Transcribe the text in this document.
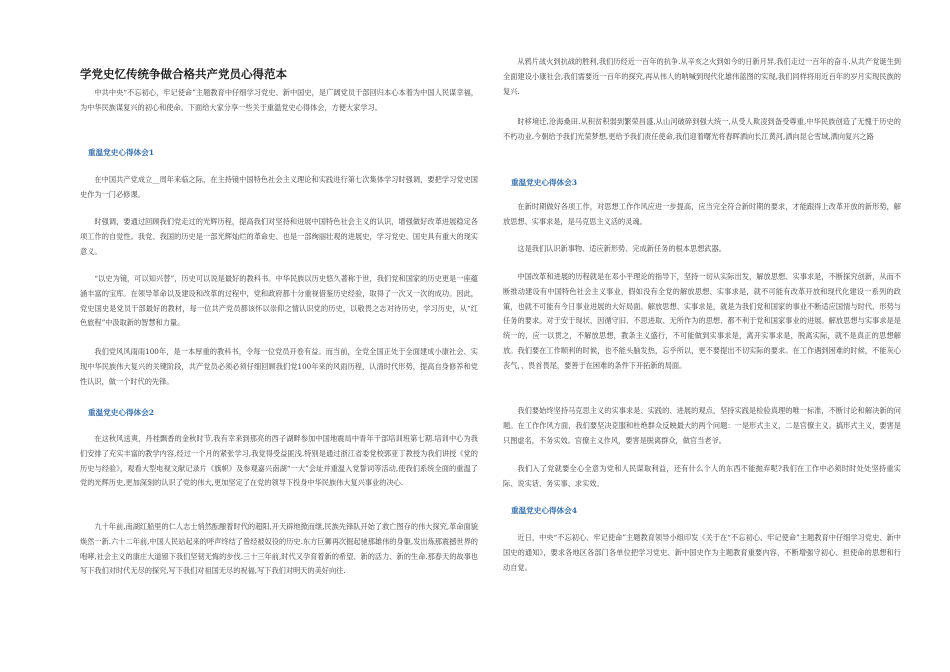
学党史忆传统争做合格共产党员心得范本

中共中央“不忘初心，牢记使命”主题教育中仔细学习党史、新中国史，是广阔党员干部回归本心本着为中国人民谋幸福，为中华民族谋复兴的初心和使命。下面给大家分享一些关于重温党史心得体会，方便大家学习。

重温党史心得体会1

在中国共产党成立__周年来临之际，在主持镜中国特色社会主义理论和实践进行第七次集体学习时强调，要把学习党史国史作为一门必修课。

时强调，要通过回顾我们党走过的光辉历程，提高我们对坚持和进展中国特色社会主义的认识，增强做好改革进展稳定各项工作的自觉性。我党、我国的历史是一部光辉灿烂的革命史、也是一部绚丽壮观的进展史，学习党史、国史具有重大的现实意义。

“以史为镜，可以知兴替”，历史可以说是最好的教科书。中华民族以历史悠久著称于世，我们党和国家的历史更是一座蕴涵丰富的宝库。在领导革命以及建设和改革的过程中，党和政府都十分重视借鉴历史经验，取得了一次又一次的成功。因此，党史国史是党员干部最好的教材，每一位共产党员都该怀以崇仰之情认识党的历史，以敬畏之志对待历史，学习历史，从“红色旅程”中汲取新的智慧和力量。

我们党风风雨雨100年，是一本厚重的教科书，令每一位党员开卷有益。而当前，全党全国正处于全面建成小康社会、实现中华民族伟大复兴的关键阶段，共产党员必须必须仔细回顾我们党100年来的风雨历程，认清时代形势，提高自身修养和党性认识，做一个时代的先锋。

重温党史心得体会2

在这秋风送爽，丹桂飘香的金秋时节,我有幸来到那亮的西子湖畔参加中国地震局中青年干部培训班第七期.培训中心为我们安排了充实丰富的教学内容,经过一个月的紧张学习,我觉得受益匪浅.特别是通过浙江省委党校郭亚丁教授为我们讲授《党的历史与经验》，观看大型电视文献记录片《旗帜》及参观嘉兴南湖“一大”会址并重温入党誓词等活动,使我们系统全面的重温了党的光辉历史,更加深刻的认识了党的伟大,更加坚定了在党的领导下投身中华民族伟大复兴事业的决心.

九十年前,南湖红船里的仁人志士悄然酝酿着时代的超阳,开天辟地掀而继,民族先锋队开始了救亡图存的伟大探究,革命面貌焕然一新.六十二年前,中国人民站起来的呼声终结了曾经被奴役的历史.东方巨狮再次掘起驰那雄伟的身躯,发出炼那震撼世界的咆哮,社会主义的康庄大道留下我们坚韧无悔的步伐.三十三年前,时代又孕育着新的希望、新的活力、新的生命.那春天的故事也写下我们对时代无尽的探究,写下我们对祖国无尽的祝福,写下我们对明天的美好向往.

从鸦片战火到抗战的胜利,我们历经近一百年的抗争.从辛亥之火到如今的日新月异,我们走过一百年的奋斗.从共产党诞生到全面建设小康社会,我们需要近一百年的探究,再从伟人的呐喊到现代化雄伟蓝图的实现,我们同样将用近百年的岁月实现民族的复兴.

时移境迁,沧海桑田.从积贫积弱到繁荣昌盛,从山河破碎到强大统一,从受人欺凌到备受尊重,中华民族创造了无愧于历史的不朽功业.今朝给予我们光荣梦想,更给予我们责任使命,我们迎着曙光将春晖洒向长江黄河,洒向昆仑雪域,洒向复兴之路

重温党史心得体会3

在新时期做好各项工作，对思想工作作风应进一步提高，应当完全符合新时期的要求，才能跟得上改革开放的新形势，解放思想、实事求是，是马克思主义活的灵魂。

这是我们认识新事物、适应新形势、完成新任务的根本思想武器。

中国改革和进展的历程就是在邓小平理论的指导下，坚持一切从实际出发，解放思想、实事求是，不断探究创新，从而不断推动建设有中国特色社会主义事业，假如没有全党的解放思想、实事求是，就不可能有改革开放和现代化建设一系列的政策，也就不可能有今日事业进展的大好局面。解放思想、实事求是，就是为我们党和国家的事业不断适应国情与时代、形势与任务的要求。对于安于现状、因循守旧、不思进取、无所作为的思想、都不利于党和国家事业的进展。解放思想与实事求是是统一的，应一以贯之，不解放思想，教条主义盛行，不可能做到实事求是，离开实事求是，脱离实际，就不是真正的思想解放。我们要在工作顺利的时候，也不能头脑发热，忘乎所以，更不要提出不切实际的要求。在工作遇到困难的时候，不能灰心丧气，、畏首畏尾，要善于在困难的条件下开拓新的局面。

我们要始终坚持马克思主义的实事求是、实践的、进展的观点，坚持实践是检验真理的唯一标准，不断讨论和解决新的问题。在工作作风方面，我们要坚决克服和杜绝群众反映最大的两个问题：一是形式主义，二是官僚主义。搞形式主义，要害是只图虚名，不务实效。官僚主义作风，要害是脱离群众，做官当老爷。

我们入了党就要全心全意为党和人民谋取利益，还有什么个人的东西不能抛弃呢?我们在工作中必须时时处处坚持重实际、说实话、务实事、求实效。

重温党史心得体会4

近日，中央“不忘初心、牢记使命”主题教育领导小组印发《关于在“不忘初心、牢记使命”主题教育中仔细学习党史、新中国史的通知》，要求各地区各部门各单位把学习党史、新中国史作为主题教育重要内容，不断增强守初心、担使命的思想和行动自觉。
